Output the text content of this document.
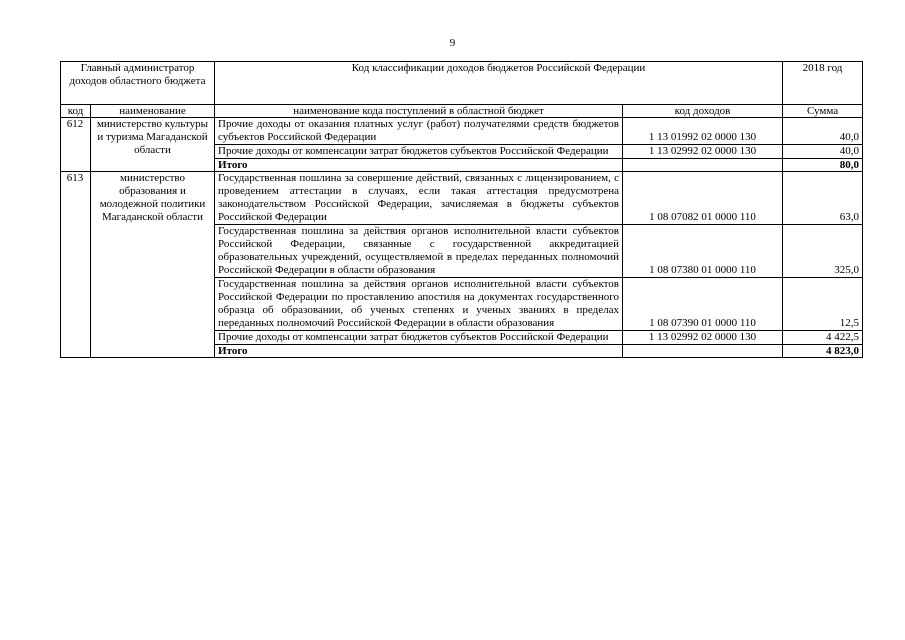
9
Главный администратор доходов областного бюджета		Код классификации доходов бюджетов Российской Федерации		2018 год
код	наименование	наименование кода поступлений в областной бюджет	код доходов	Сумма
612	министерство культуры и туризма Магаданской области	Прочие доходы от оказания платных услуг (работ) получателями средств бюджетов субъектов Российской Федерации	1 13 01992 02 0000 130	40,0
		Прочие доходы от компенсации затрат бюджетов субъектов Российской Федерации	1 13 02992 02 0000 130	40,0
		Итого		80,0
613	министерство образования и молодежной политики Магаданской области	Государственная пошлина за совершение действий, связанных с лицензированием, с проведением аттестации в случаях, если такая аттестация предусмотрена законодательством Российской Федерации, зачисляемая в бюджеты субъектов Российской Федерации	1 08 07082 01 0000 110	63,0
		Государственная пошлина за действия органов исполнительной власти субъектов Российской Федерации, связанные с государственной аккредитацией образовательных учреждений, осуществляемой в пределах переданных полномочий Российской Федерации в области образования	1 08 07380 01 0000 110	325,0
		Государственная пошлина за действия органов исполнительной власти субъектов Российской Федерации по проставлению апостиля на документах государственного образца об образовании, об ученых степенях и ученых званиях в пределах переданных полномочий Российской Федерации в области образования	1 08 07390 01 0000 110	12,5
		Прочие доходы от компенсации затрат бюджетов субъектов Российской Федерации	1 13 02992 02 0000 130	4 422,5
		Итого		4 823,0
